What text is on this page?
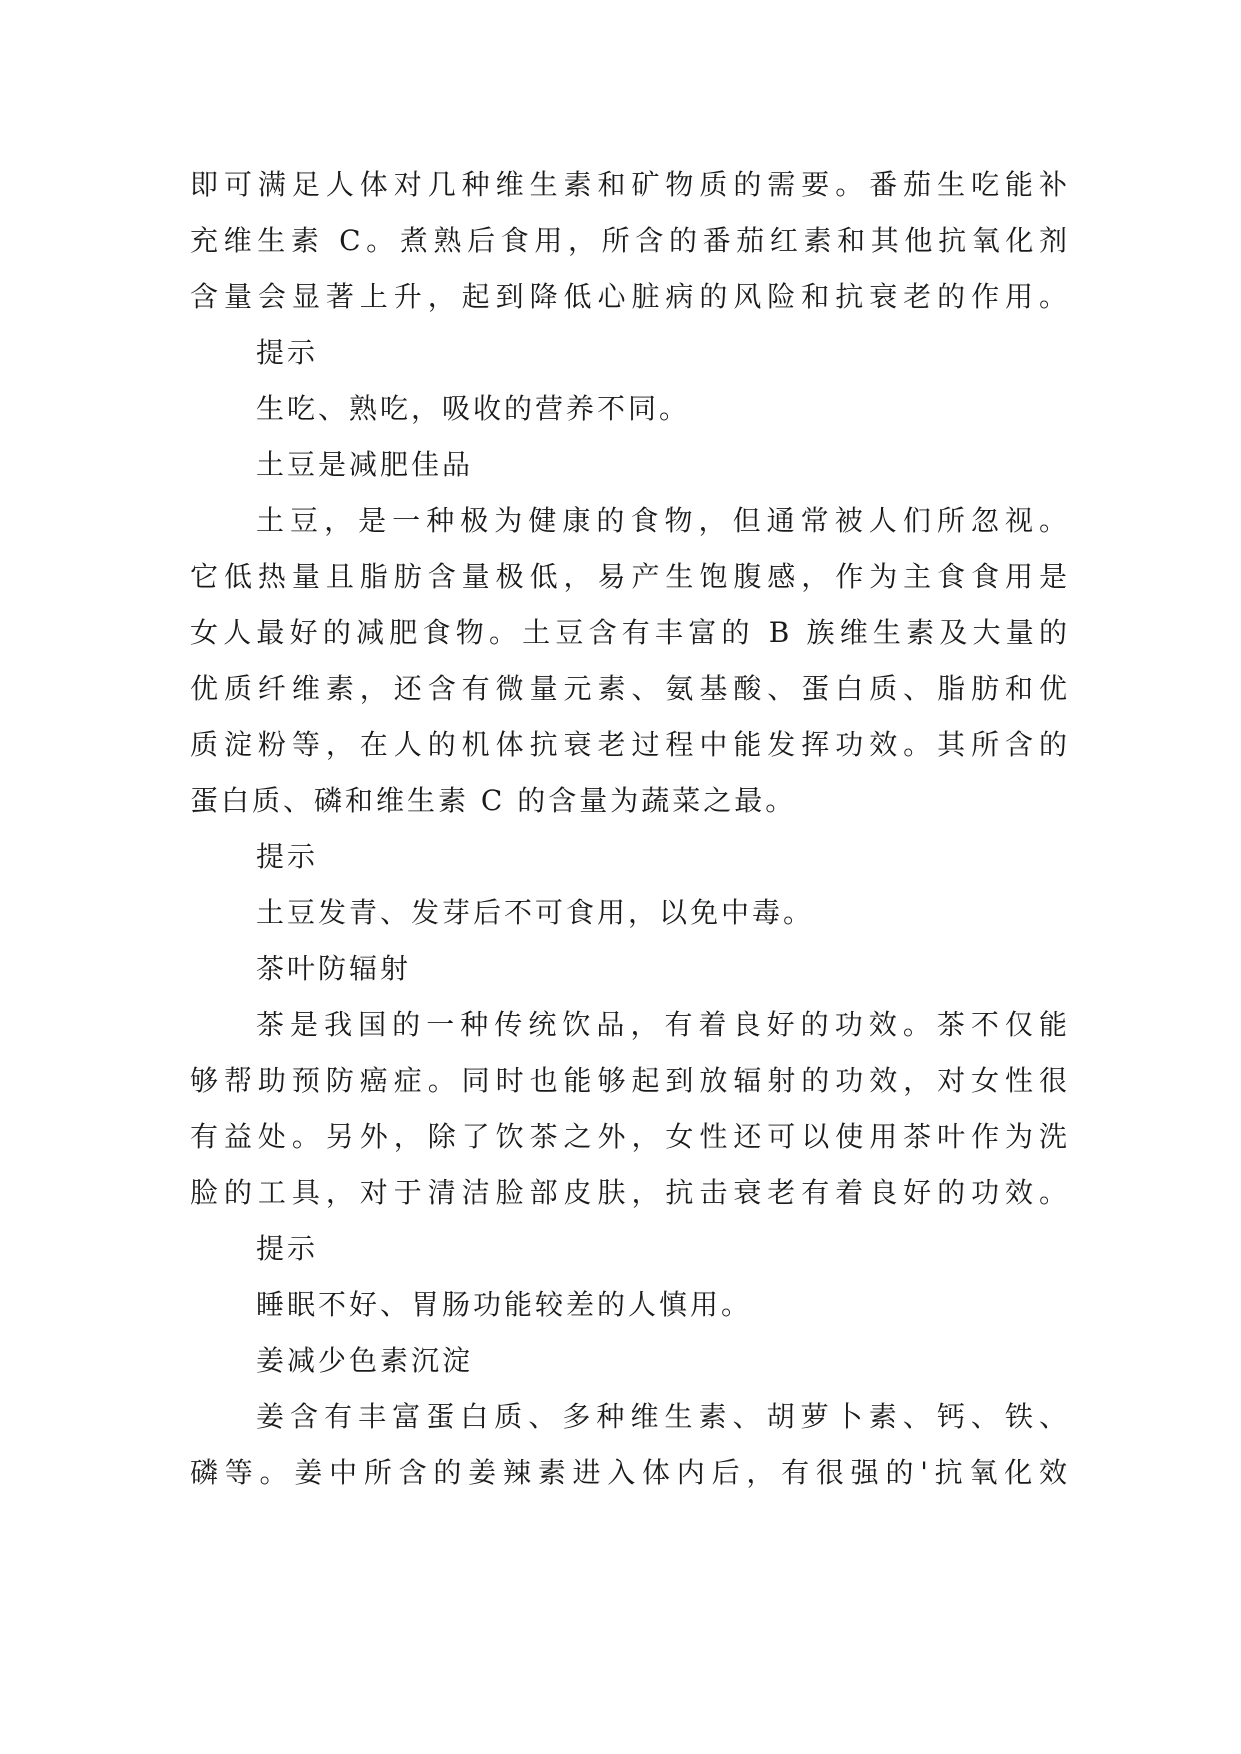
即可满足人体对几种维生素和矿物质的需要。番茄生吃能补
充维生素 C。煮熟后食用，所含的番茄红素和其他抗氧化剂
含量会显著上升，起到降低心脏病的风险和抗衰老的作用。
提示
生吃、熟吃，吸收的营养不同。
土豆是减肥佳品
土豆，是一种极为健康的食物，但通常被人们所忽视。
它低热量且脂肪含量极低，易产生饱腹感，作为主食食用是
女人最好的减肥食物。土豆含有丰富的 B 族维生素及大量的
优质纤维素，还含有微量元素、氨基酸、蛋白质、脂肪和优
质淀粉等，在人的机体抗衰老过程中能发挥功效。其所含的
蛋白质、磷和维生素 C 的含量为蔬菜之最。
提示
土豆发青、发芽后不可食用，以免中毒。
茶叶防辐射
茶是我国的一种传统饮品，有着良好的功效。茶不仅能
够帮助预防癌症。同时也能够起到放辐射的功效，对女性很
有益处。另外，除了饮茶之外，女性还可以使用茶叶作为洗
脸的工具，对于清洁脸部皮肤，抗击衰老有着良好的功效。
提示
睡眠不好、胃肠功能较差的人慎用。
姜减少色素沉淀
姜含有丰富蛋白质、多种维生素、胡萝卜素、钙、铁、
磷等。姜中所含的姜辣素进入体内后，有很强的'抗氧化效
